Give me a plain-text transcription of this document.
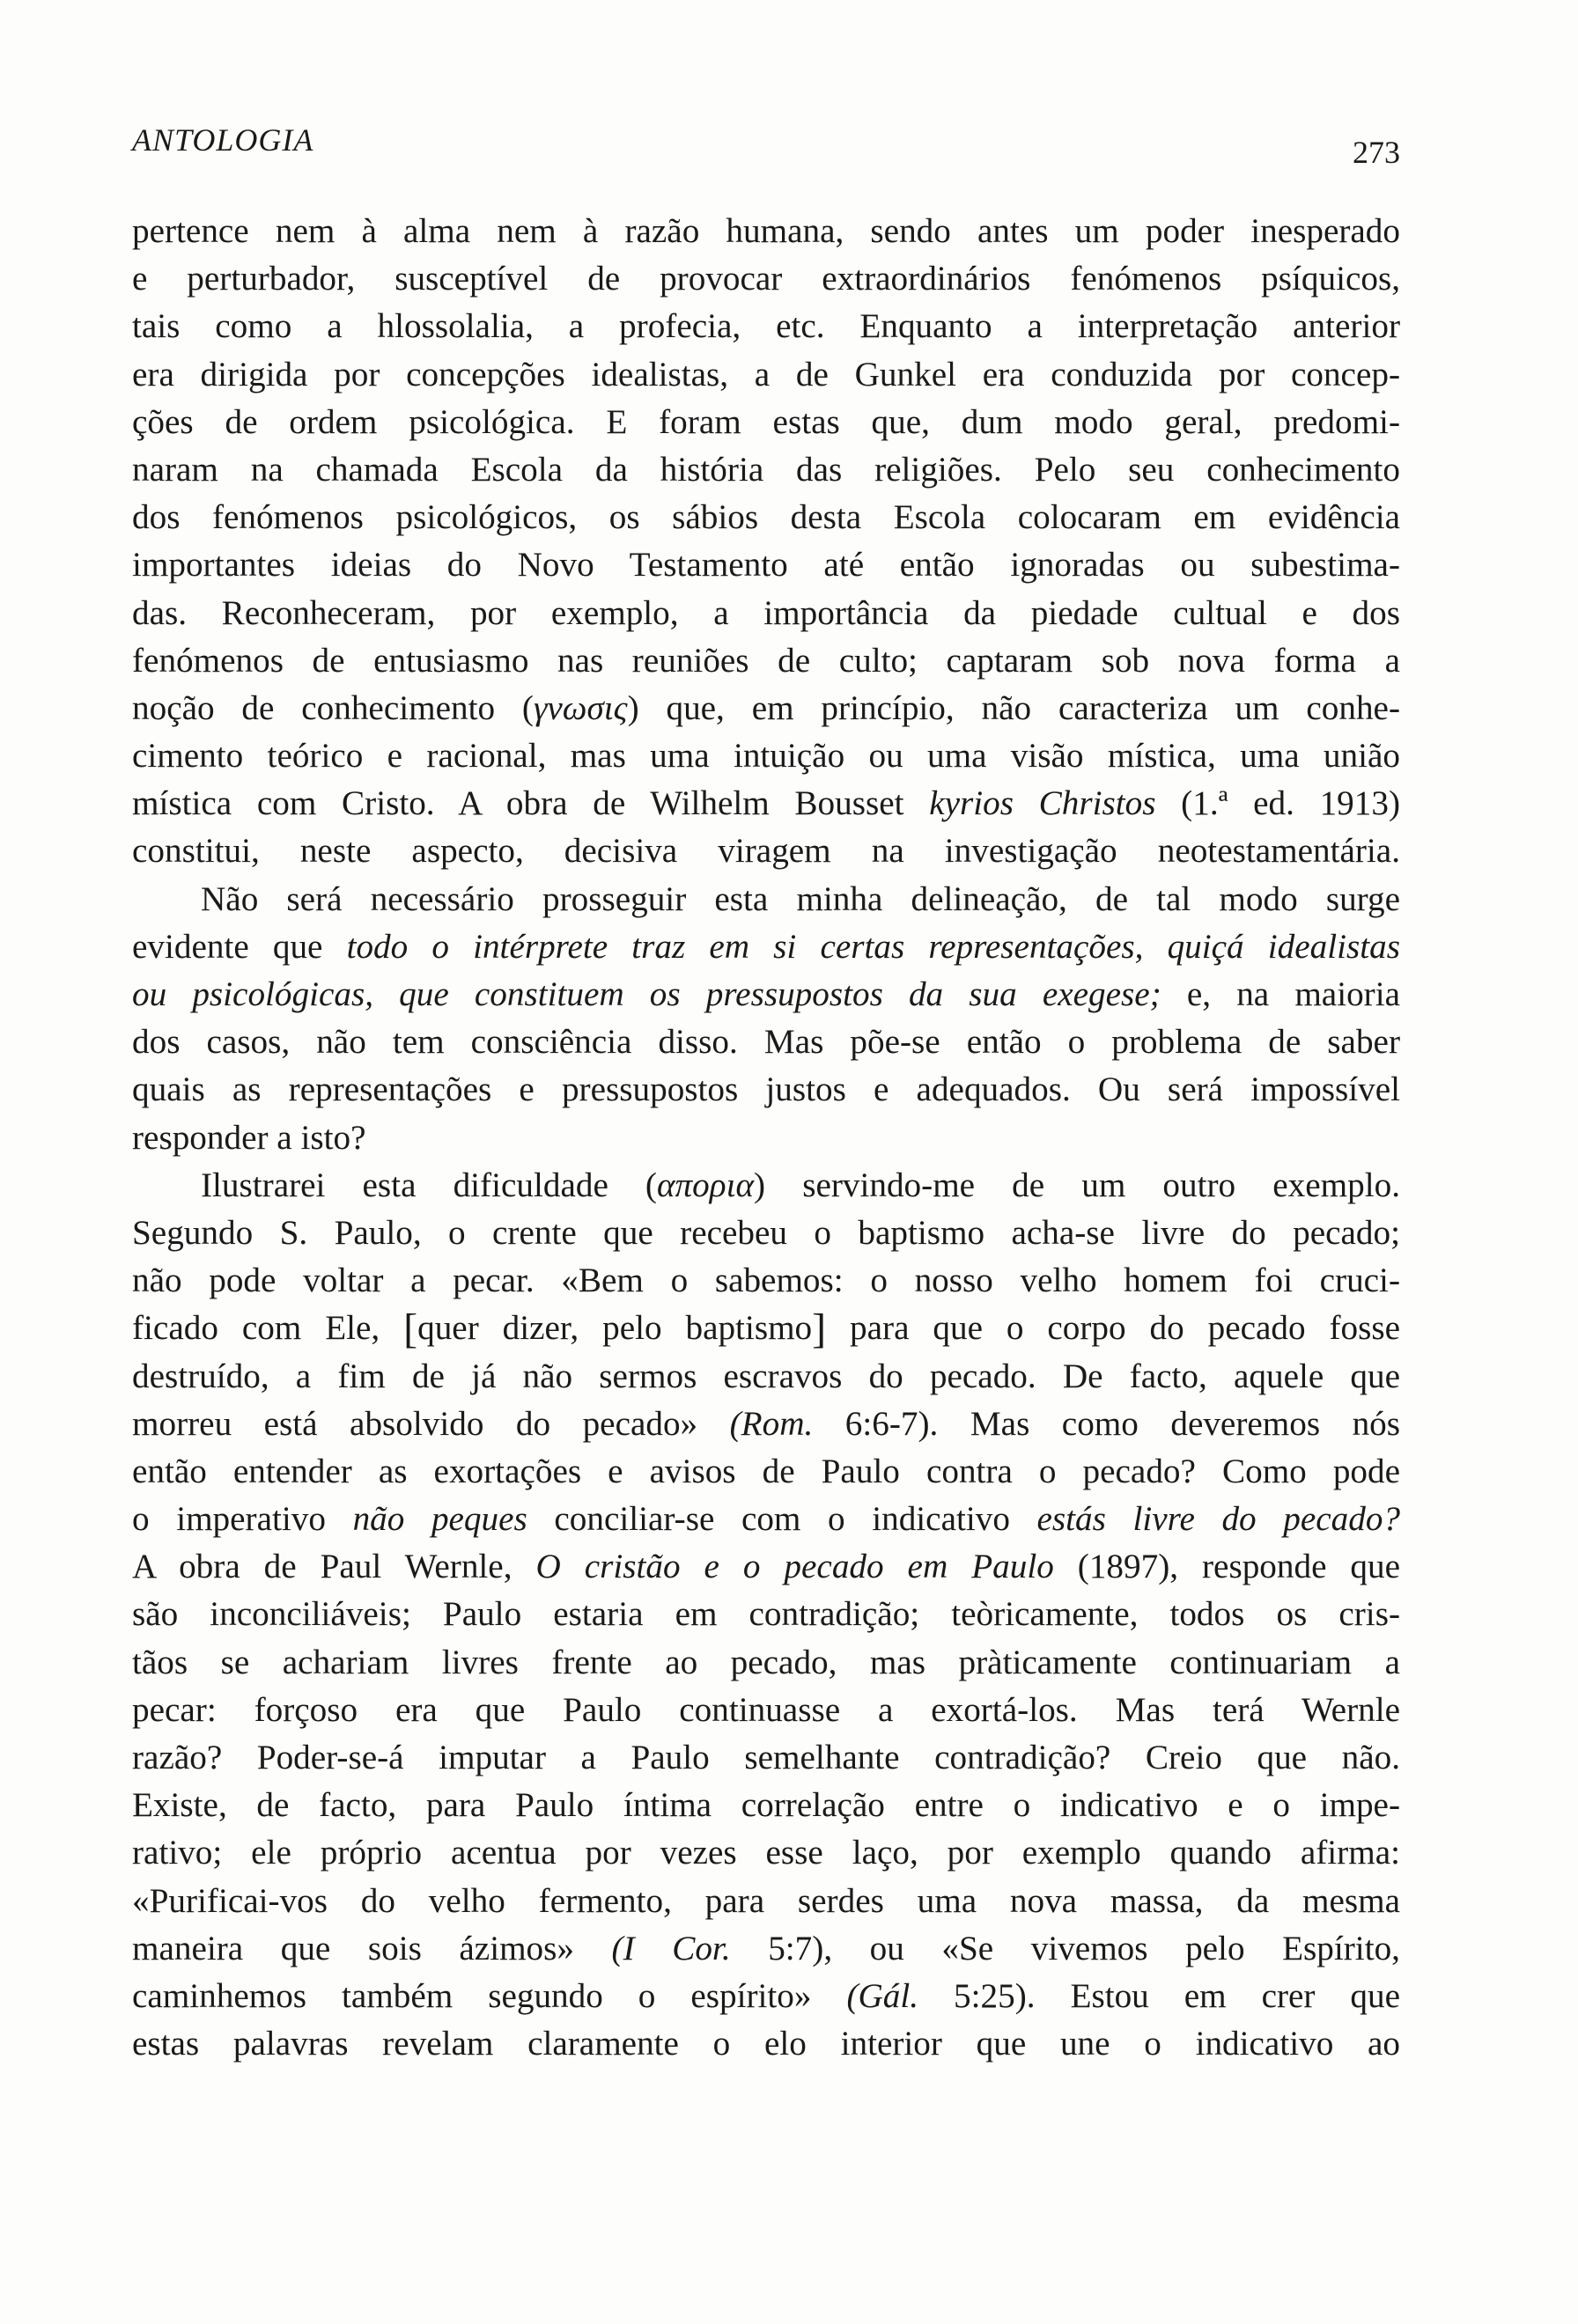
ANTOLOGIA	273
pertence nem à alma nem à razão humana, sendo antes um poder inesperado
e perturbador, susceptível de provocar extraordinários fenómenos psíquicos,
tais como a hlossolalia, a profecia, etc. Enquanto a interpretação anterior
era dirigida por concepções idealistas, a de Gunkel era conduzida por concep-
ções de ordem psicológica. E foram estas que, dum modo geral, predomi-
naram na chamada Escola da história das religiões. Pelo seu conhecimento
dos fenómenos psicológicos, os sábios desta Escola colocaram em evidência
importantes ideias do Novo Testamento até então ignoradas ou subestima-
das. Reconheceram, por exemplo, a importância da piedade cultual e dos
fenómenos de entusiasmo nas reuniões de culto; captaram sob nova forma a
noção de conhecimento (γνωσις) que, em princípio, não caracteriza um conhe-
cimento teórico e racional, mas uma intuição ou uma visão mística, uma união
mística com Cristo. A obra de Wilhelm Bousset kyrios Christos (1.ª ed. 1913)
constitui, neste aspecto, decisiva viragem na investigação neotestamentária.
Não será necessário prosseguir esta minha delineação, de tal modo surge
evidente que todo o intérprete traz em si certas representações, quiçá idealistas
ou psicológicas, que constituem os pressupostos da sua exegese; e, na maioria
dos casos, não tem consciência disso. Mas põe-se então o problema de saber
quais as representações e pressupostos justos e adequados. Ou será impossível
responder a isto?
Ilustrarei esta dificuldade (απορια) servindo-me de um outro exemplo.
Segundo S. Paulo, o crente que recebeu o baptismo acha-se livre do pecado;
não pode voltar a pecar. «Bem o sabemos: o nosso velho homem foi cruci-
ficado com Ele, [quer dizer, pelo baptismo] para que o corpo do pecado fosse
destruído, a fim de já não sermos escravos do pecado. De facto, aquele que
morreu está absolvido do pecado» (Rom. 6:6-7). Mas como deveremos nós
então entender as exortações e avisos de Paulo contra o pecado? Como pode
o imperativo não peques conciliar-se com o indicativo estás livre do pecado?
A obra de Paul Wernle, O cristão e o pecado em Paulo (1897), responde que
são inconciliáveis; Paulo estaria em contradição; teòricamente, todos os cris-
tãos se achariam livres frente ao pecado, mas pràticamente continuariam a
pecar: forçoso era que Paulo continuasse a exortá-los. Mas terá Wernle
razão? Poder-se-á imputar a Paulo semelhante contradição? Creio que não.
Existe, de facto, para Paulo íntima correlação entre o indicativo e o impe-
rativo; ele próprio acentua por vezes esse laço, por exemplo quando afirma:
«Purificai-vos do velho fermento, para serdes uma nova massa, da mesma
maneira que sois ázimos» (I Cor. 5:7), ou «Se vivemos pelo Espírito,
caminhemos também segundo o espírito» (Gál. 5:25). Estou em crer que
estas palavras revelam claramente o elo interior que une o indicativo ao
